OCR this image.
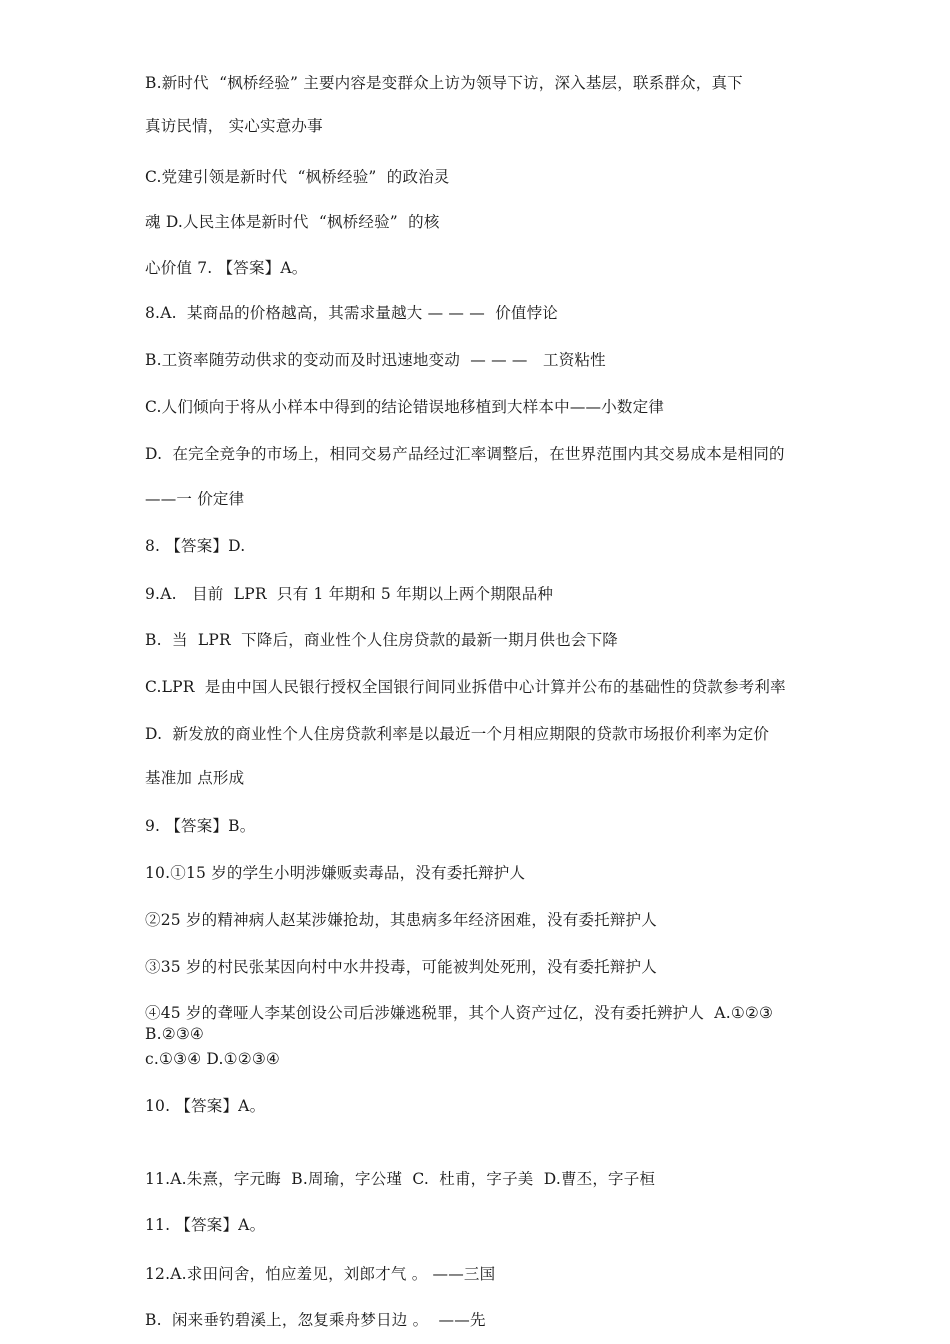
B.新时代  “枫桥经验” 主要内容是变群众上访为领导下访，深入基层，联系群众，真下
真访民情， 实心实意办事
C.党建引领是新时代  “枫桥经验”  的政治灵
魂 D.人民主体是新时代  “枫桥经验”  的核
心价值 7. 【答案】A。
8.A.  某商品的价格越高，其需求量越大 — — —  价值悖论
B.工资率随劳动供求的变动而及时迅速地变动  — — —   工资粘性
C.人们倾向于将从小样本中得到的结论错误地移植到大样本中——小数定律
D.  在完全竞争的市场上，相同交易产品经过汇率调整后，在世界范围内其交易成本是相同的
——一 价定律
8. 【答案】D.
9.A.   目前  LPR  只有 1 年期和 5 年期以上两个期限品种
B.  当  LPR  下降后，商业性个人住房贷款的最新一期月供也会下降
C.LPR  是由中国人民银行授权全国银行间同业拆借中心计算并公布的基础性的贷款参考利率
D.  新发放的商业性个人住房贷款利率是以最近一个月相应期限的贷款市场报价利率为定价
基准加 点形成
9. 【答案】B。
10.①15 岁的学生小明涉嫌贩卖毒品，没有委托辩护人
②25 岁的精神病人赵某涉嫌抢劫，其患病多年经济困难，没有委托辩护人
③35 岁的村民张某因向村中水井投毒，可能被判处死刑，没有委托辩护人
④45 岁的聋哑人李某创设公司后涉嫌逃税罪，其个人资产过亿，没有委托辨护人  A.①②③
B.②③④
c.①③④ D.①②③④
10. 【答案】A。
11.A.朱熹，字元晦  B.周瑜，字公瑾  C.  杜甫，字子美  D.曹丕，字子桓
11. 【答案】A。
12.A.求田问舍，怕应羞见，刘郎才气 。 ——三国
B.  闲来垂钓碧溪上，忽复乘舟梦日边 。  ——先
